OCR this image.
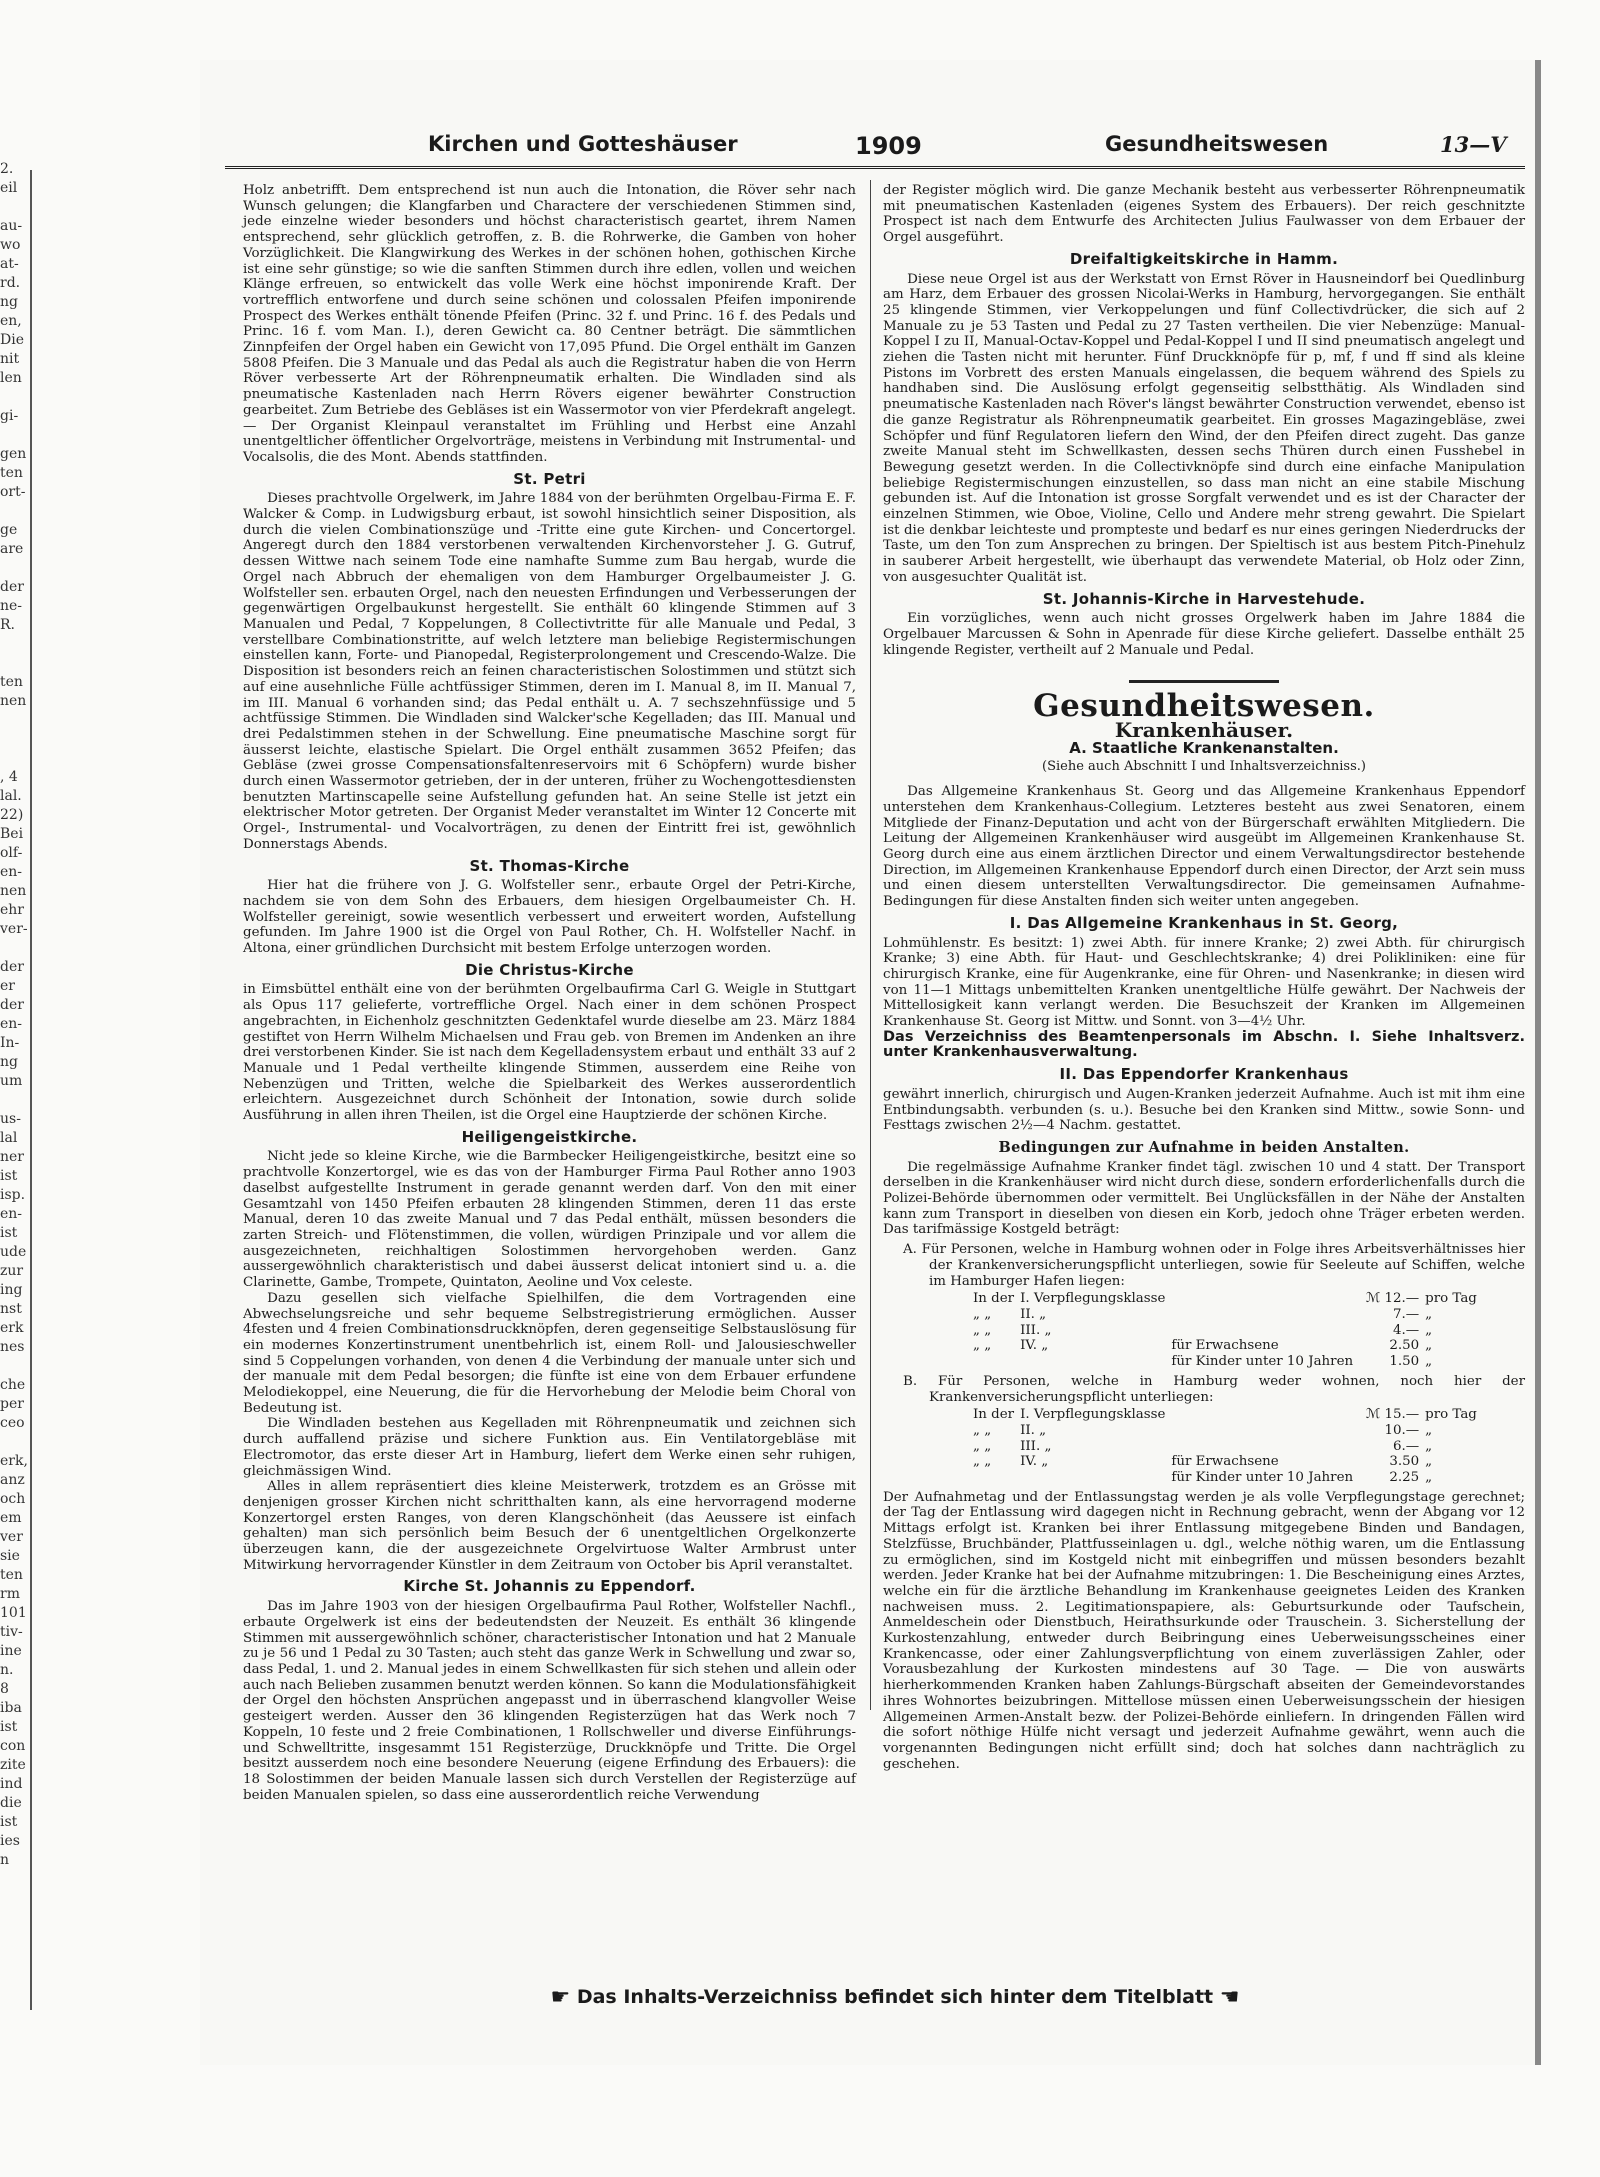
2.
eil
au-
wo
at-
rd.
ng
en,
Die
nit
len
gi-
gen
ten
ort-
ge
are
der
ne-
R.
ten
nen
, 4
lal.
22)
Bei
olf-
en-
nen
ehr
ver-
der
er
der
en-
In-
ng
um
us-
lal
ner
ist
isp.
en-
ist
ude
zur
ing
nst
erk
nes
che
per
ceo
erk,
anz
och
em
ver
sie
ten
rm
101
tiv-
ine
n.
8
iba
ist
con
zite
ind
die
ist
ies
n
Kirchen und Gotteshäuser	1909	Gesundheitswesen	13—V

Holz anbetrifft. Dem entsprechend ist nun auch die Intonation, die Röver sehr nach Wunsch gelungen; die Klangfarben und Charactere der verschiedenen Stimmen sind, jede einzelne wieder besonders und höchst characteristisch geartet, ihrem Namen entsprechend, sehr glücklich getroffen, z. B. die Rohrwerke, die Gamben von hoher Vorzüglichkeit. Die Klangwirkung des Werkes in der schönen hohen, gothischen Kirche ist eine sehr günstige; so wie die sanften Stimmen durch ihre edlen, vollen und weichen Klänge erfreuen, so entwickelt das volle Werk eine höchst imponirende Kraft. Der vortrefflich entworfene und durch seine schönen und colossalen Pfeifen imponirende Prospect des Werkes enthält tönende Pfeifen (Princ. 32 f. und Princ. 16 f. des Pedals und Princ. 16 f. vom Man. I.), deren Gewicht ca. 80 Centner beträgt. Die sämmtlichen Zinnpfeifen der Orgel haben ein Gewicht von 17,095 Pfund. Die Orgel enthält im Ganzen 5808 Pfeifen. Die 3 Manuale und das Pedal als auch die Registratur haben die von Herrn Röver verbesserte Art der Röhrenpneumatik erhalten. Die Windladen sind als pneumatische Kastenladen nach Herrn Rövers eigener bewährter Construction gearbeitet. Zum Betriebe des Gebläses ist ein Wassermotor von vier Pferdekraft angelegt. — Der Organist Kleinpaul veranstaltet im Frühling und Herbst eine Anzahl unentgeltlicher öffentlicher Orgelvorträge, meistens in Verbindung mit Instrumental- und Vocalsolis, die des Mont. Abends stattfinden.

St. Petri

Dieses prachtvolle Orgelwerk, im Jahre 1884 von der berühmten Orgelbau-Firma E. F. Walcker & Comp. in Ludwigsburg erbaut, ist sowohl hinsichtlich seiner Disposition, als durch die vielen Combinationszüge und -Tritte eine gute Kirchen- und Concertorgel. Angeregt durch den 1884 verstorbenen verwaltenden Kirchenvorsteher J. G. Gutruf, dessen Wittwe nach seinem Tode eine namhafte Summe zum Bau hergab, wurde die Orgel nach Abbruch der ehemaligen von dem Hamburger Orgelbaumeister J. G. Wolfsteller sen. erbauten Orgel, nach den neuesten Erfindungen und Verbesserungen der gegenwärtigen Orgelbaukunst hergestellt. Sie enthält 60 klingende Stimmen auf 3 Manualen und Pedal, 7 Koppelungen, 8 Collectivtritte für alle Manuale und Pedal, 3 verstellbare Combinationstritte, auf welch letztere man beliebige Registermischungen einstellen kann, Forte- und Pianopedal, Registerprolongement und Crescendo-Walze. Die Disposition ist besonders reich an feinen characteristischen Solostimmen und stützt sich auf eine ausehnliche Fülle achtfüssiger Stimmen, deren im I. Manual 8, im II. Manual 7, im III. Manual 6 vorhanden sind; das Pedal enthält u. A. 7 sechszehnfüssige und 5 achtfüssige Stimmen. Die Windladen sind Walcker'sche Kegelladen; das III. Manual und drei Pedalstimmen stehen in der Schwellung. Eine pneumatische Maschine sorgt für äusserst leichte, elastische Spielart. Die Orgel enthält zusammen 3652 Pfeifen; das Gebläse (zwei grosse Compensationsfaltenreservoirs mit 6 Schöpfern) wurde bisher durch einen Wassermotor getrieben, der in der unteren, früher zu Wochengottesdiensten benutzten Martinscapelle seine Aufstellung gefunden hat. An seine Stelle ist jetzt ein elektrischer Motor getreten. Der Organist Meder veranstaltet im Winter 12 Concerte mit Orgel-, Instrumental- und Vocalvorträgen, zu denen der Eintritt frei ist, gewöhnlich Donnerstags Abends.

St. Thomas-Kirche

Hier hat die frühere von J. G. Wolfsteller senr., erbaute Orgel der Petri-Kirche, nachdem sie von dem Sohn des Erbauers, dem hiesigen Orgelbaumeister Ch. H. Wolfsteller gereinigt, sowie wesentlich verbessert und erweitert worden, Aufstellung gefunden. Im Jahre 1900 ist die Orgel von Paul Rother, Ch. H. Wolfsteller Nachf. in Altona, einer gründlichen Durchsicht mit bestem Erfolge unterzogen worden.

Die Christus-Kirche

in Eimsbüttel enthält eine von der berühmten Orgelbaufirma Carl G. Weigle in Stuttgart als Opus 117 gelieferte, vortreffliche Orgel. Nach einer in dem schönen Prospect angebrachten, in Eichenholz geschnitzten Gedenktafel wurde dieselbe am 23. März 1884 gestiftet von Herrn Wilhelm Michaelsen und Frau geb. von Bremen im Andenken an ihre drei verstorbenen Kinder. Sie ist nach dem Kegelladensystem erbaut und enthält 33 auf 2 Manuale und 1 Pedal vertheilte klingende Stimmen, ausserdem eine Reihe von Nebenzügen und Tritten, welche die Spielbarkeit des Werkes ausserordentlich erleichtern. Ausgezeichnet durch Schönheit der Intonation, sowie durch solide Ausführung in allen ihren Theilen, ist die Orgel eine Hauptzierde der schönen Kirche.

Heiligengeistkirche.

Nicht jede so kleine Kirche, wie die Barmbecker Heiligengeistkirche, besitzt eine so prachtvolle Konzertorgel, wie es das von der Hamburger Firma Paul Rother anno 1903 daselbst aufgestellte Instrument in gerade genannt werden darf. Von den mit einer Gesamtzahl von 1450 Pfeifen erbauten 28 klingenden Stimmen, deren 11 das erste Manual, deren 10 das zweite Manual und 7 das Pedal enthält, müssen besonders die zarten Streich- und Flötenstimmen, die vollen, würdigen Prinzipale und vor allem die ausgezeichneten, reichhaltigen Solostimmen hervorgehoben werden. Ganz aussergewöhnlich charakteristisch und dabei äusserst delicat intoniert sind u. a. die Clarinette, Gambe, Trompete, Quintaton, Aeoline und Vox celeste.

Dazu gesellen sich vielfache Spielhilfen, die dem Vortragenden eine Abwechselungsreiche und sehr bequeme Selbstregistrierung ermöglichen. Ausser 4festen und 4 freien Combinationsdruckknöpfen, deren gegenseitige Selbstauslösung für ein modernes Konzertinstrument unentbehrlich ist, einem Roll- und Jalousieschweller sind 5 Coppelungen vorhanden, von denen 4 die Verbindung der manuale unter sich und der manuale mit dem Pedal besorgen; die fünfte ist eine von dem Erbauer erfundene Melodiekoppel, eine Neuerung, die für die Hervorhebung der Melodie beim Choral von Bedeutung ist.

Die Windladen bestehen aus Kegelladen mit Röhrenpneumatik und zeichnen sich durch auffallend präzise und sichere Funktion aus. Ein Ventilatorgebläse mit Electromotor, das erste dieser Art in Hamburg, liefert dem Werke einen sehr ruhigen, gleichmässigen Wind.

Alles in allem repräsentiert dies kleine Meisterwerk, trotzdem es an Grösse mit denjenigen grosser Kirchen nicht schritthalten kann, als eine hervorragend moderne Konzertorgel ersten Ranges, von deren Klangschönheit (das Aeussere ist einfach gehalten) man sich persönlich beim Besuch der 6 unentgeltlichen Orgelkonzerte überzeugen kann, die der ausgezeichnete Orgelvirtuose Walter Armbrust unter Mitwirkung hervorragender Künstler in dem Zeitraum von October bis April veranstaltet.

Kirche St. Johannis zu Eppendorf.

Das im Jahre 1903 von der hiesigen Orgelbaufirma Paul Rother, Wolfsteller Nachfl., erbaute Orgelwerk ist eins der bedeutendsten der Neuzeit. Es enthält 36 klingende Stimmen mit aussergewöhnlich schöner, characteristischer Intonation und hat 2 Manuale zu je 56 und 1 Pedal zu 30 Tasten; auch steht das ganze Werk in Schwellung und zwar so, dass Pedal, 1. und 2. Manual jedes in einem Schwellkasten für sich stehen und allein oder auch nach Belieben zusammen benutzt werden können. So kann die Modulationsfähigkeit der Orgel den höchsten Ansprüchen angepasst und in überraschend klangvoller Weise gesteigert werden. Ausser den 36 klingenden Registerzügen hat das Werk noch 7 Koppeln, 10 feste und 2 freie Combinationen, 1 Rollschweller und diverse Einführungs- und Schwelltritte, insgesammt 151 Registerzüge, Druckknöpfe und Tritte. Die Orgel besitzt ausserdem noch eine besondere Neuerung (eigene Erfindung des Erbauers): die 18 Solostimmen der beiden Manuale lassen sich durch Verstellen der Registerzüge auf beiden Manualen spielen, so dass eine ausserordentlich reiche Verwendung

der Register möglich wird. Die ganze Mechanik besteht aus verbesserter Röhrenpneumatik mit pneumatischen Kastenladen (eigenes System des Erbauers). Der reich geschnitzte Prospect ist nach dem Entwurfe des Architecten Julius Faulwasser von dem Erbauer der Orgel ausgeführt.

Dreifaltigkeitskirche in Hamm.

Diese neue Orgel ist aus der Werkstatt von Ernst Röver in Hausneindorf bei Quedlinburg am Harz, dem Erbauer des grossen Nicolai-Werks in Hamburg, hervorgegangen. Sie enthält 25 klingende Stimmen, vier Verkoppelungen und fünf Collectivdrücker, die sich auf 2 Manuale zu je 53 Tasten und Pedal zu 27 Tasten vertheilen. Die vier Nebenzüge: Manual-Koppel I zu II, Manual-Octav-Koppel und Pedal-Koppel I und II sind pneumatisch angelegt und ziehen die Tasten nicht mit herunter. Fünf Druckknöpfe für p, mf, f und ff sind als kleine Pistons im Vorbrett des ersten Manuals eingelassen, die bequem während des Spiels zu handhaben sind. Die Auslösung erfolgt gegenseitig selbstthätig. Als Windladen sind pneumatische Kastenladen nach Röver's längst bewährter Construction verwendet, ebenso ist die ganze Registratur als Röhrenpneumatik gearbeitet. Ein grosses Magazingebläse, zwei Schöpfer und fünf Regulatoren liefern den Wind, der den Pfeifen direct zugeht. Das ganze zweite Manual steht im Schwellkasten, dessen sechs Thüren durch einen Fusshebel in Bewegung gesetzt werden. In die Collectivknöpfe sind durch eine einfache Manipulation beliebige Registermischungen einzustellen, so dass man nicht an eine stabile Mischung gebunden ist. Auf die Intonation ist grosse Sorgfalt verwendet und es ist der Character der einzelnen Stimmen, wie Oboe, Violine, Cello und Andere mehr streng gewahrt. Die Spielart ist die denkbar leichteste und prompteste und bedarf es nur eines geringen Niederdrucks der Taste, um den Ton zum Ansprechen zu bringen. Der Spieltisch ist aus bestem Pitch-Pinehulz in sauberer Arbeit hergestellt, wie überhaupt das verwendete Material, ob Holz oder Zinn, von ausgesuchter Qualität ist.

St. Johannis-Kirche in Harvestehude.

Ein vorzügliches, wenn auch nicht grosses Orgelwerk haben im Jahre 1884 die Orgelbauer Marcussen & Sohn in Apenrade für diese Kirche geliefert. Dasselbe enthält 25 klingende Register, vertheilt auf 2 Manuale und Pedal.

Gesundheitswesen.
Krankenhäuser.
A. Staatliche Krankenanstalten.
(Siehe auch Abschnitt I und Inhaltsverzeichniss.)

Das Allgemeine Krankenhaus St. Georg und das Allgemeine Krankenhaus Eppendorf unterstehen dem Krankenhaus-Collegium. Letzteres besteht aus zwei Senatoren, einem Mitgliede der Finanz-Deputation und acht von der Bürgerschaft erwählten Mitgliedern. Die Leitung der Allgemeinen Krankenhäuser wird ausgeübt im Allgemeinen Krankenhause St. Georg durch eine aus einem ärztlichen Director und einem Verwaltungsdirector bestehende Direction, im Allgemeinen Krankenhause Eppendorf durch einen Director, der Arzt sein muss und einen diesem unterstellten Verwaltungsdirector. Die gemeinsamen Aufnahme-Bedingungen für diese Anstalten finden sich weiter unten angegeben.

I. Das Allgemeine Krankenhaus in St. Georg,

Lohmühlenstr. Es besitzt: 1) zwei Abth. für innere Kranke; 2) zwei Abth. für chirurgisch Kranke; 3) eine Abth. für Haut- und Geschlechtskranke; 4) drei Polikliniken: eine für chirurgisch Kranke, eine für Augenkranke, eine für Ohren- und Nasenkranke; in diesen wird von 11—1 Mittags unbemittelten Kranken unentgeltliche Hülfe gewährt. Der Nachweis der Mittellosigkeit kann verlangt werden. Die Besuchszeit der Kranken im Allgemeinen Krankenhause St. Georg ist Mittw. und Sonnt. von 3—4½ Uhr.

Das Verzeichniss des Beamtenpersonals im Abschn. I. Siehe Inhaltsverz. unter Krankenhausverwaltung.

II. Das Eppendorfer Krankenhaus

gewährt innerlich, chirurgisch und Augen-Kranken jederzeit Aufnahme. Auch ist mit ihm eine Entbindungsabth. verbunden (s. u.). Besuche bei den Kranken sind Mittw., sowie Sonn- und Festtags zwischen 2½—4 Nachm. gestattet.

Bedingungen zur Aufnahme in beiden Anstalten.

Die regelmässige Aufnahme Kranker findet tägl. zwischen 10 und 4 statt. Der Transport derselben in die Krankenhäuser wird nicht durch diese, sondern erforderlichenfalls durch die Polizei-Behörde übernommen oder vermittelt. Bei Unglücksfällen in der Nähe der Anstalten kann zum Transport in dieselben von diesen ein Korb, jedoch ohne Träger erbeten werden. Das tarifmässige Kostgeld beträgt:

A. Für Personen, welche in Hamburg wohnen oder in Folge ihres Arbeitsverhältnisses hier der Krankenversicherungspflicht unterliegen, sowie für Seeleute auf Schiffen, welche im Hamburger Hafen liegen:

In der	I. Verpflegungsklasse		ℳ 12.—	pro Tag
„ „	II. „		7.—	„
„ „	III. „		4.—	„
„ „	IV. „	für Erwachsene	2.50	„
		für Kinder unter 10 Jahren	1.50	„

B. Für Personen, welche in Hamburg weder wohnen, noch hier der Krankenversicherungspflicht unterliegen:

In der	I. Verpflegungsklasse		ℳ 15.—	pro Tag
„ „	II. „		10.—	„
„ „	III. „		6.—	„
„ „	IV. „	für Erwachsene	3.50	„
		für Kinder unter 10 Jahren	2.25	„

Der Aufnahmetag und der Entlassungstag werden je als volle Verpflegungstage gerechnet; der Tag der Entlassung wird dagegen nicht in Rechnung gebracht, wenn der Abgang vor 12 Mittags erfolgt ist. Kranken bei ihrer Entlassung mitgegebene Binden und Bandagen, Stelzfüsse, Bruchbänder, Plattfusseinlagen u. dgl., welche nöthig waren, um die Entlassung zu ermöglichen, sind im Kostgeld nicht mit einbegriffen und müssen besonders bezahlt werden. Jeder Kranke hat bei der Aufnahme mitzubringen: 1. Die Bescheinigung eines Arztes, welche ein für die ärztliche Behandlung im Krankenhause geeignetes Leiden des Kranken nachweisen muss. 2. Legitimationspapiere, als: Geburtsurkunde oder Taufschein, Anmeldeschein oder Dienstbuch, Heirathsurkunde oder Trauschein. 3. Sicherstellung der Kurkostenzahlung, entweder durch Beibringung eines Ueberweisungsscheines einer Krankencasse, oder einer Zahlungsverpflichtung von einem zuverlässigen Zahler, oder Vorausbezahlung der Kurkosten mindestens auf 30 Tage. — Die von auswärts hierherkommenden Kranken haben Zahlungs-Bürgschaft abseiten der Gemeindevorstandes ihres Wohnortes beizubringen. Mittellose müssen einen Ueberweisungsschein der hiesigen Allgemeinen Armen-Anstalt bezw. der Polizei-Behörde einliefern. In dringenden Fällen wird die sofort nöthige Hülfe nicht versagt und jederzeit Aufnahme gewährt, wenn auch die vorgenannten Bedingungen nicht erfüllt sind; doch hat solches dann nachträglich zu geschehen.

☛ Das Inhalts-Verzeichniss befindet sich hinter dem Titelblatt ☚
